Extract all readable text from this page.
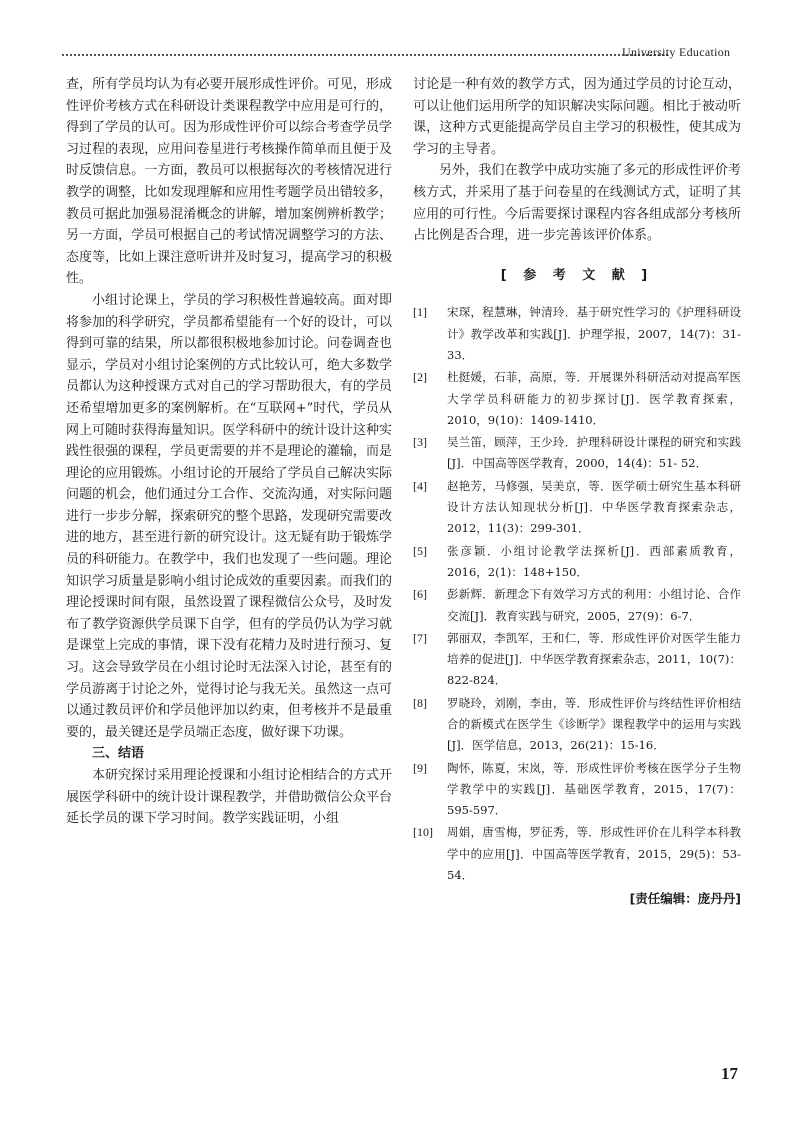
University Education

查，所有学员均认为有必要开展形成性评价。可见，形成性评价考核方式在科研设计类课程教学中应用是可行的，得到了学员的认可。因为形成性评价可以综合考查学员学习过程的表现，应用问卷星进行考核操作简单而且便于及时反馈信息。一方面，教员可以根据每次的考核情况进行教学的调整，比如发现理解和应用性考题学员出错较多，教员可据此加强易混淆概念的讲解，增加案例辨析教学；另一方面，学员可根据自己的考试情况调整学习的方法、态度等，比如上课注意听讲并及时复习，提高学习的积极性。

小组讨论课上，学员的学习积极性普遍较高。面对即将参加的科学研究，学员都希望能有一个好的设计，可以得到可靠的结果，所以都很积极地参加讨论。问卷调查也显示，学员对小组讨论案例的方式比较认可，绝大多数学员都认为这种授课方式对自己的学习帮助很大，有的学员还希望增加更多的案例解析。在“互联网+”时代，学员从网上可随时获得海量知识。医学科研中的统计设计这种实践性很强的课程，学员更需要的并不是理论的灌输，而是理论的应用锻炼。小组讨论的开展给了学员自己解决实际问题的机会，他们通过分工合作、交流沟通，对实际问题进行一步步分解，探索研究的整个思路，发现研究需要改进的地方，甚至进行新的研究设计。这无疑有助于锻炼学员的科研能力。在教学中，我们也发现了一些问题。理论知识学习质量是影响小组讨论成效的重要因素。而我们的理论授课时间有限，虽然设置了课程微信公众号，及时发布了教学资源供学员课下自学，但有的学员仍认为学习就是课堂上完成的事情，课下没有花精力及时进行预习、复习。这会导致学员在小组讨论时无法深入讨论，甚至有的学员游离于讨论之外，觉得讨论与我无关。虽然这一点可以通过教员评价和学员他评加以约束，但考核并不是最重要的，最关键还是学员端正态度，做好课下功课。

三、结语

本研究探讨采用理论授课和小组讨论相结合的方式开展医学科研中的统计设计课程教学，并借助微信公众平台延长学员的课下学习时间。教学实践证明，小组

讨论是一种有效的教学方式，因为通过学员的讨论互动，可以让他们运用所学的知识解决实际问题。相比于被动听课，这种方式更能提高学员自主学习的积极性，使其成为学习的主导者。

另外，我们在教学中成功实施了多元的形成性评价考核方式，并采用了基于问卷星的在线测试方式，证明了其应用的可行性。今后需要探讨课程内容各组成部分考核所占比例是否合理，进一步完善该评价体系。

[ 参 考 文 献 ]
[1] 宋琛，程慧琳，钟清玲．基于研究性学习的《护理科研设计》教学改革和实践[J]．护理学报，2007，14(7)：31-33．
[2] 杜挺媛，石菲，高原，等．开展课外科研活动对提高军医大学学员科研能力的初步探讨[J]．医学教育探索，2010，9(10)：1409-1410．
[3] 吴兰笛，顾萍，王少玲．护理科研设计课程的研究和实践[J]．中国高等医学教育，2000，14(4)：51- 52．
[4] 赵艳芳，马修强，吴美京，等．医学硕士研究生基本科研设计方法认知现状分析[J]．中华医学教育探索杂志，2012，11(3)：299-301．
[5] 张彦颖．小组讨论教学法探析[J]．西部素质教育，2016，2(1)：148+150．
[6] 彭新辉．新理念下有效学习方式的利用：小组讨论、合作交流[J]．教育实践与研究，2005，27(9)：6-7．
[7] 郭丽双，李凯军，王和仁，等．形成性评价对医学生能力培养的促进[J]．中华医学教育探索杂志，2011，10(7)：822-824．
[8] 罗晓玲，刘刚，李由，等．形成性评价与终结性评价相结合的新模式在医学生《诊断学》课程教学中的运用与实践[J]．医学信息，2013，26(21)：15-16．
[9] 陶怀，陈夏，宋岚，等．形成性评价考核在医学分子生物学教学中的实践[J]．基础医学教育，2015，17(7)：595-597．
[10] 周娟，唐雪梅，罗征秀，等．形成性评价在儿科学本科教学中的应用[J]．中国高等医学教育，2015，29(5)：53-54．
[责任编辑：庞丹丹]
17
